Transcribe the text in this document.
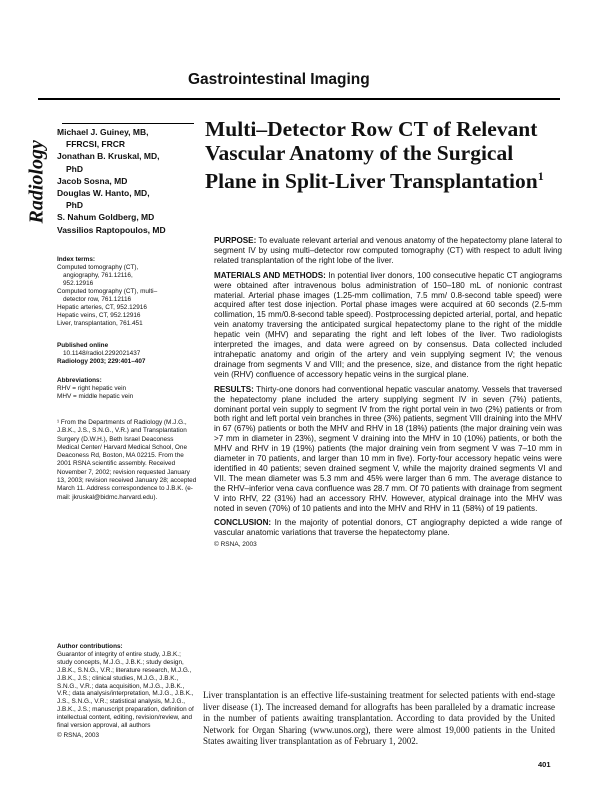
Gastrointestinal Imaging
Radiology
Michael J. Guiney, MB,
FFRCSI, FRCR
Jonathan B. Kruskal, MD,
PhD
Jacob Sosna, MD
Douglas W. Hanto, MD,
PhD
S. Nahum Goldberg, MD
Vassilios Raptopoulos, MD
Index terms:
Computed tomography (CT),
angiography, 761.12116,
952.12916
Computed tomography (CT), multi–
detector row, 761.12116
Hepatic arteries, CT, 952.12916
Hepatic veins, CT, 952.12916
Liver, transplantation, 761.451
Published online
10.1148/radiol.2292021437
Radiology 2003; 229:401–407
Abbreviations:
RHV = right hepatic vein
MHV = middle hepatic vein
¹ From the Departments of Radiology (M.J.G., J.B.K., J.S., S.N.G., V.R.) and Transplantation Surgery (D.W.H.), Beth Israel Deaconess Medical Center/ Harvard Medical School, One Deaconess Rd, Boston, MA 02215. From the 2001 RSNA scientific assembly. Received November 7, 2002; revision requested January 13, 2003; revision received January 28; accepted March 11. Address correspondence to J.B.K. (e-mail: jkruskal@bidmc.harvard.edu).
Author contributions:
Guarantor of integrity of entire study, J.B.K.; study concepts, M.J.G., J.B.K.; study design, J.B.K., S.N.G., V.R.; literature research, M.J.G., J.B.K., J.S.; clinical studies, M.J.G., J.B.K., S.N.G., V.R.; data acquisition, M.J.G., J.B.K., V.R.; data analysis/interpretation, M.J.G., J.B.K., J.S., S.N.G., V.R.; statistical analysis, M.J.G., J.B.K., J.S.; manuscript preparation, definition of intellectual content, editing, revision/review, and final version approval, all authors
© RSNA, 2003
Multi–Detector Row CT of Relevant Vascular Anatomy of the Surgical Plane in Split-Liver Transplantation$^1$

PURPOSE: To evaluate relevant arterial and venous anatomy of the hepatectomy plane lateral to segment IV by using multi–detector row computed tomography (CT) with respect to adult living related transplantation of the right lobe of the liver.

MATERIALS AND METHODS: In potential liver donors, 100 consecutive hepatic CT angiograms were obtained after intravenous bolus administration of 150–180 mL of nonionic contrast material. Arterial phase images (1.25-mm collimation, 7.5 mm/ 0.8-second table speed) were acquired after test dose injection. Portal phase images were acquired at 60 seconds (2.5-mm collimation, 15 mm/0.8-second table speed). Postprocessing depicted arterial, portal, and hepatic vein anatomy traversing the anticipated surgical hepatectomy plane to the right of the middle hepatic vein (MHV) and separating the right and left lobes of the liver. Two radiologists interpreted the images, and data were agreed on by consensus. Data collected included intrahepatic anatomy and origin of the artery and vein supplying segment IV; the venous drainage from segments V and VIII; and the presence, size, and distance from the right hepatic vein (RHV) confluence of accessory hepatic veins in the surgical plane.

RESULTS: Thirty-one donors had conventional hepatic vascular anatomy. Vessels that traversed the hepatectomy plane included the artery supplying segment IV in seven (7%) patients, dominant portal vein supply to segment IV from the right portal vein in two (2%) patients or from both right and left portal vein branches in three (3%) patients, segment VIII draining into the MHV in 67 (67%) patients or both the MHV and RHV in 18 (18%) patients (the major draining vein was >7 mm in diameter in 23%), segment V draining into the MHV in 10 (10%) patients, or both the MHV and RHV in 19 (19%) patients (the major draining vein from segment V was 7–10 mm in diameter in 70 patients, and larger than 10 mm in five). Forty-four accessory hepatic veins were identified in 40 patients; seven drained segment V, while the majority drained segments VI and VII. The mean diameter was 5.3 mm and 45% were larger than 6 mm. The average distance to the RHV–inferior vena cava confluence was 28.7 mm. Of 70 patients with drainage from segment V into RHV, 22 (31%) had an accessory RHV. However, atypical drainage into the MHV was noted in seven (70%) of 10 patients and into the MHV and RHV in 11 (58%) of 19 patients.

CONCLUSION: In the majority of potential donors, CT angiography depicted a wide range of vascular anatomic variations that traverse the hepatectomy plane.

© RSNA, 2003
Liver transplantation is an effective life-sustaining treatment for selected patients with end-stage liver disease (1). The increased demand for allografts has been paralleled by a dramatic increase in the number of patients awaiting transplantation. According to data provided by the United Network for Organ Sharing (www.unos.org), there were almost 19,000 patients in the United States awaiting liver transplantation as of February 1, 2002.
401
